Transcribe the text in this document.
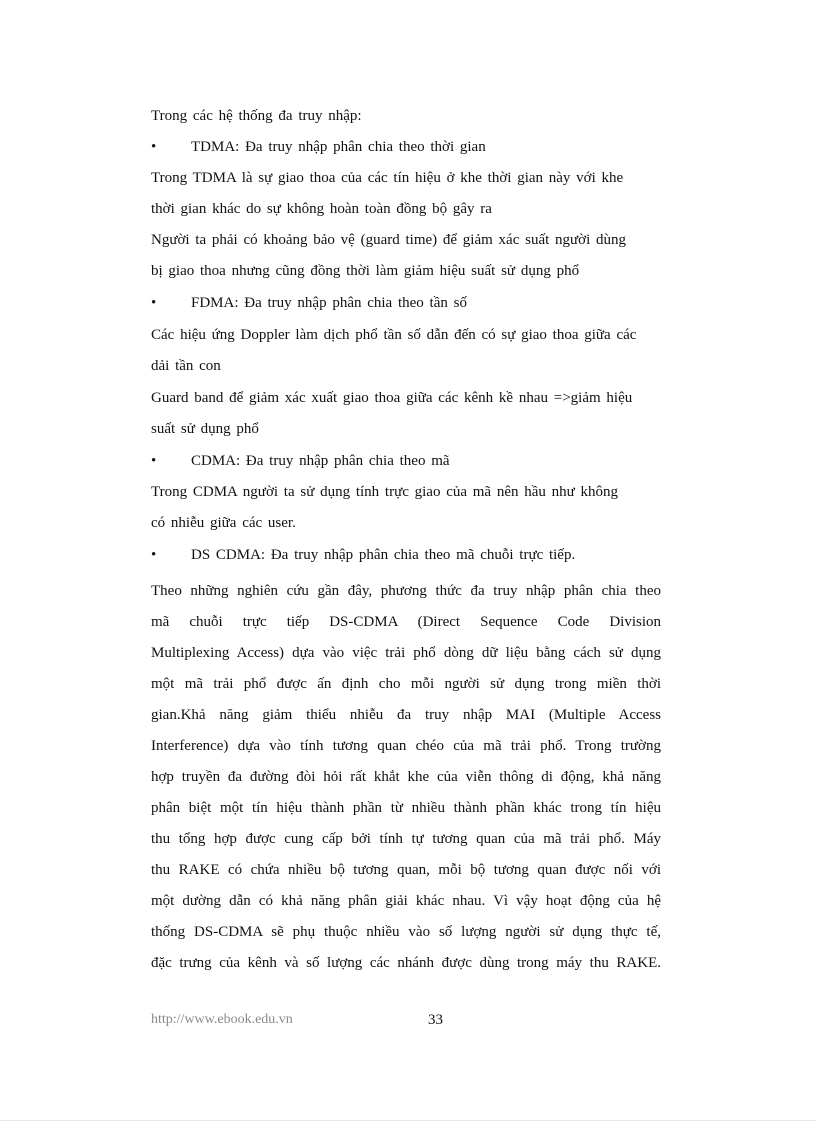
Trong các hệ thống đa truy nhập:
• TDMA: Đa truy nhập phân chia theo thời gian
Trong TDMA là sự giao thoa của các tín hiệu ở khe thời gian này với khe
thời gian khác do sự không hoàn toàn đồng bộ gây ra
Người ta phải có khoảng bảo vệ (guard time) để giảm xác suất người dùng
bị giao thoa nhưng cũng đồng thời làm giảm hiệu suất sử dụng phổ
• FDMA: Đa truy nhập phân chia theo tần số
Các hiệu ứng Doppler làm dịch phổ tần số dẫn đến có sự giao thoa giữa các
dải tần con
Guard band để giảm xác xuất giao thoa giữa các kênh kề nhau =>giảm hiệu
suất sử dụng phổ
• CDMA: Đa truy nhập phân chia theo mã
Trong CDMA người ta sử dụng tính trực giao của mã nên hầu như không
có nhiễu giữa các user.
• DS CDMA: Đa truy nhập phân chia theo mã chuỗi trực tiếp.
Theo những nghiên cứu gần đây, phương thức đa truy nhập phân chia theo
mã chuỗi trực tiếp DS-CDMA (Direct Sequence Code Division
Multiplexing Access) dựa vào việc trải phổ dòng dữ liệu bằng cách sử dụng
một mã trải phổ được ấn định cho mỗi người sử dụng trong miền thời
gian.Khả năng giảm thiểu nhiễu đa truy nhập MAI (Multiple Access
Interference) dựa vào tính tương quan chéo của mã trải phổ. Trong trường
hợp truyền đa đường đòi hỏi rất khắt khe của viễn thông di động, khả năng
phân biệt một tín hiệu thành phần từ nhiều thành phần khác trong tín hiệu
thu tổng hợp được cung cấp bởi tính tự tương quan của mã trải phổ. Máy
thu RAKE có chứa nhiều bộ tương quan, mỗi bộ tương quan được nối với
một dường dẫn có khả năng phân giải khác nhau. Vì vậy hoạt động của hệ
thống DS-CDMA sẽ phụ thuộc nhiều vào số lượng người sử dụng thực tế,
đặc trưng của kênh và số lượng các nhánh được dùng trong máy thu RAKE.
http://www.ebook.edu.vn	33
